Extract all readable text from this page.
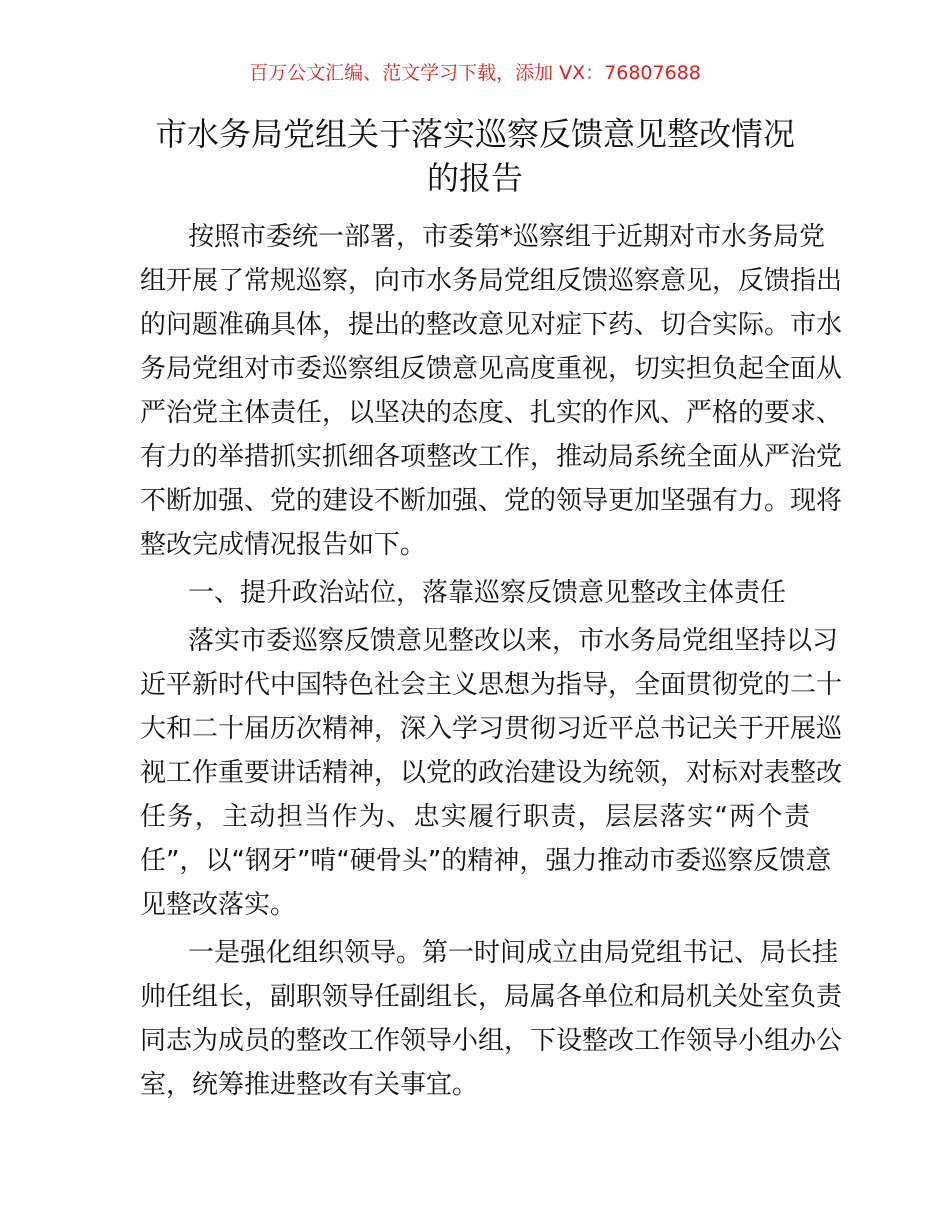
百万公文汇编、范文学习下载，添加 VX：76807688
市水务局党组关于落实巡察反馈意见整改情况
的报告
按照市委统一部署，市委第*巡察组于近期对市水务局党
组开展了常规巡察，向市水务局党组反馈巡察意见，反馈指出
的问题准确具体，提出的整改意见对症下药、切合实际。市水
务局党组对市委巡察组反馈意见高度重视，切实担负起全面从
严治党主体责任，以坚决的态度、扎实的作风、严格的要求、
有力的举措抓实抓细各项整改工作，推动局系统全面从严治党
不断加强、党的建设不断加强、党的领导更加坚强有力。现将
整改完成情况报告如下。
一、提升政治站位，落靠巡察反馈意见整改主体责任
落实市委巡察反馈意见整改以来，市水务局党组坚持以习
近平新时代中国特色社会主义思想为指导，全面贯彻党的二十
大和二十届历次精神，深入学习贯彻习近平总书记关于开展巡
视工作重要讲话精神，以党的政治建设为统领，对标对表整改
任务，主动担当作为、忠实履行职责，层层落实“两个责
任”，以“钢牙”啃“硬骨头”的精神，强力推动市委巡察反馈意
见整改落实。
一是强化组织领导。第一时间成立由局党组书记、局长挂
帅任组长，副职领导任副组长，局属各单位和局机关处室负责
同志为成员的整改工作领导小组，下设整改工作领导小组办公
室，统筹推进整改有关事宜。
